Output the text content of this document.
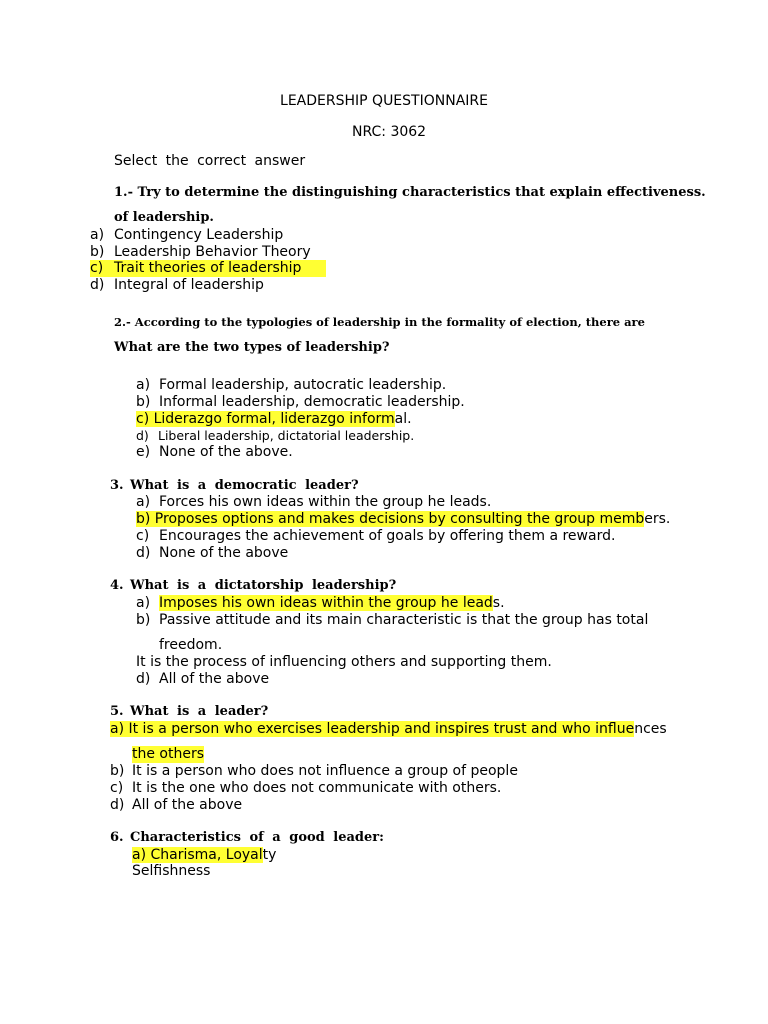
LEADERSHIP QUESTIONNAIRE
NRC: 3062
Select the correct answer
1.- Try to determine the distinguishing characteristics that explain effectiveness.
of leadership.
a) Contingency Leadership
b) Leadership Behavior Theory
c) Trait theories of leadership
d) Integral of leadership
2.- According to the typologies of leadership in the formality of election, there are
What are the two types of leadership?
a) Formal leadership, autocratic leadership.
b) Informal leadership, democratic leadership.
c) Liderazgo formal, liderazgo informal.
d) Liberal leadership, dictatorial leadership.
e) None of the above.
3. What is a democratic leader?
a) Forces his own ideas within the group he leads.
b) Proposes options and makes decisions by consulting the group members.
c) Encourages the achievement of goals by offering them a reward.
d) None of the above
4. What is a dictatorship leadership?
a) Imposes his own ideas within the group he leads.
b) Passive attitude and its main characteristic is that the group has total
freedom.
It is the process of influencing others and supporting them.
d) All of the above
5. What is a leader?
a) It is a person who exercises leadership and inspires trust and who influences
the others
b) It is a person who does not influence a group of people
c) It is the one who does not communicate with others.
d) All of the above
6. Characteristics of a good leader:
a) Charisma, Loyalty
Selfishness
